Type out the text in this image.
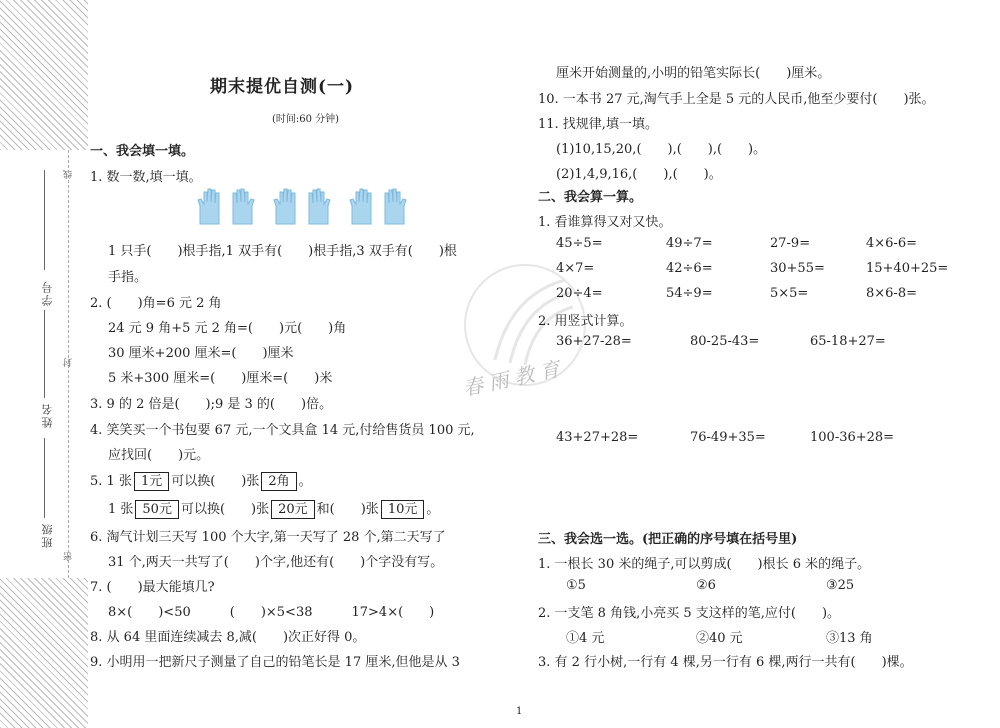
学号
姓名
班级
线
封
密
期末提优自测(一)
(时间:60 分钟)
一、我会填一填。
1. 数一数,填一填。
1 只手(　　)根手指,1 双手有(　　)根手指,3 双手有(　　)根
手指。
2. (　　)角=6 元 2 角
24 元 9 角+5 元 2 角=(　　)元(　　)角
30 厘米+200 厘米=(　　)厘米
5 米+300 厘米=(　　)厘米=(　　)米
3. 9 的 2 倍是(　　);9 是 3 的(　　)倍。
4. 笑笑买一个书包要 67 元,一个文具盒 14 元,付给售货员 100 元,
应找回(　　)元。
5. 1 张 1元 可以换(　　)张 2角 。
1 张 50元 可以换(　　)张 20元 和(　　)张 10元 。
6. 淘气计划三天写 100 个大字,第一天写了 28 个,第二天写了
31 个,两天一共写了(　　)个字,他还有(　　)个字没有写。
7. (　　)最大能填几?
8×(　　)<50　　　(　　)×5<38　　　17>4×(　　)
8. 从 64 里面连续减去 8,减(　　)次正好得 0。
9. 小明用一把新尺子测量了自己的铅笔长是 17 厘米,但他是从 3
春雨教育
厘米开始测量的,小明的铅笔实际长(　　)厘米。
10. 一本书 27 元,淘气手上全是 5 元的人民币,他至少要付(　　)张。
11. 找规律,填一填。
(1)10,15,20,(　　),(　　),(　　)。
(2)1,4,9,16,(　　),(　　)。
二、我会算一算。
1. 看谁算得又对又快。
45÷5=	49÷7=	27-9=	4×6-6=
4×7=	42÷6=	30+55=	15+40+25=
20÷4=	54÷9=	5×5=	8×6-8=
2. 用竖式计算。
36+27-28=	80-25-43=	65-18+27=
43+27+28=	76-49+35=	100-36+28=
三、我会选一选。(把正确的序号填在括号里)
1. 一根长 30 米的绳子,可以剪成(　　)根长 6 米的绳子。
①5	②6	③25
2. 一支笔 8 角钱,小亮买 5 支这样的笔,应付(　　)。
①4 元	②40 元	③13 角
3. 有 2 行小树,一行有 4 棵,另一行有 6 棵,两行一共有(　　)棵。
1
